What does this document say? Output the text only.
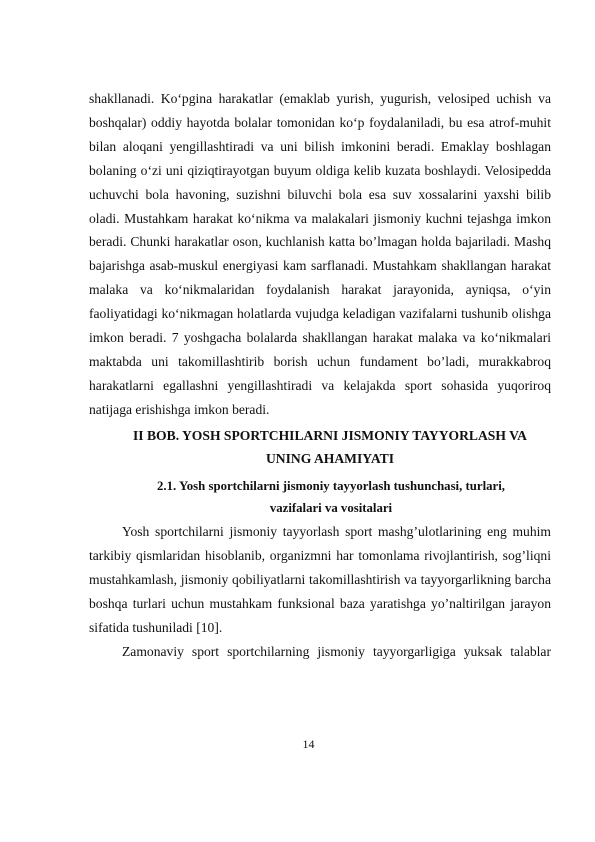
shakllanadi. Ko‘pgina harakatlar (emaklab yurish, yugurish, velosiped uchish va boshqalar) oddiy hayotda bolalar tomonidan ko‘p foydalaniladi, bu esa atrof-muhit bilan aloqani yengillashtiradi va uni bilish imkonini beradi. Emaklay boshlagan bolaning o‘zi uni qiziqtirayotgan buyum oldiga kelib kuzata boshlaydi. Velosipedda uchuvchi bola havoning, suzishni biluvchi bola esa suv xossalarini yaxshi bilib oladi. Mustahkam harakat ko‘nikma va malakalari jismoniy kuchni tejashga imkon beradi. Chunki harakatlar oson, kuchlanish katta bo’lmagan holda bajariladi. Mashq bajarishga asab-muskul energiyasi kam sarflanadi. Mustahkam shakllangan harakat malaka va ko‘nikmalaridan foydalanish harakat jarayonida, ayniqsa, o‘yin faoliyatidagi ko‘nikmagan holatlarda vujudga keladigan vazifalarni tushunib olishga imkon beradi. 7 yoshgacha bolalarda shakllangan harakat malaka va ko‘nikmalari maktabda uni takomillashtirib borish uchun fundament bo’ladi, murakkabroq harakatlarni egallashni yengillashtiradi va kelajakda sport sohasida yuqoriroq natijaga erishishga imkon beradi.

II BOB. YOSH SPORTCHILARNI JISMONIY TAYYORLASH VA
UNING AHAMIYATI
2.1. Yosh sportchilarni jismoniy tayyorlash tushunchasi, turlari,
vazifalari va vositalari

Yosh sportchilarni jismoniy tayyorlash sport mashg’ulotlarining eng muhim tarkibiy qismlaridan hisoblanib, organizmni har tomonlama rivojlantirish, sog’liqni mustahkamlash, jismoniy qobiliyatlarni takomillashtirish va tayyorgarlikning barcha boshqa turlari uchun mustahkam funksional baza yaratishga yo’naltirilgan jarayon sifatida tushuniladi [10].

Zamonaviy sport sportchilarning jismoniy tayyorgarligiga yuksak talablar

14
